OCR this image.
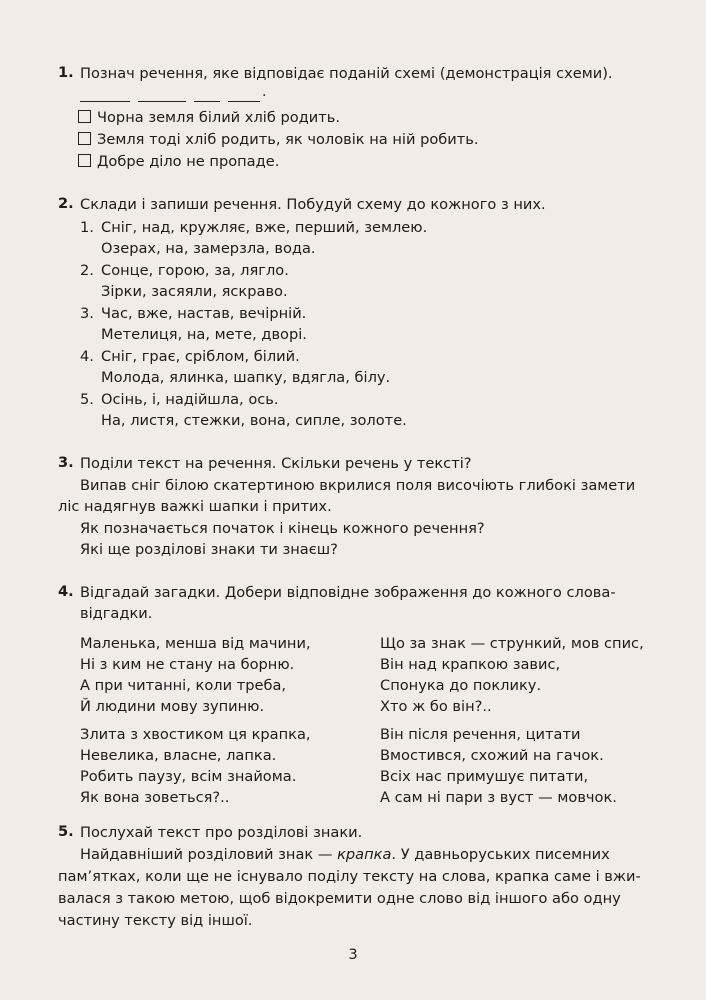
1. Познач речення, яке відповідає поданій схемі (демонстрація схеми).
.
Чорна земля білий хліб родить.
Земля тоді хліб родить, як чоловік на ній робить.
Добре діло не пропаде.
2. Склади і запиши речення. Побудуй схему до кожного з них.
1. Сніг, над, кружляє, вже, перший, землею.
Озерах, на, замерзла, вода.
2. Сонце, горою, за, лягло.
Зірки, засяяли, яскраво.
3. Час, вже, настав, вечірній.
Метелиця, на, мете, дворі.
4. Сніг, грає, сріблом, білий.
Молода, ялинка, шапку, вдягла, білу.
5. Осінь, і, надійшла, ось.
На, листя, стежки, вона, сипле, золоте.
3. Поділи текст на речення. Скільки речень у тексті?
Випав сніг білою скатертиною вкрилися поля височіють глибокі замети
ліс надягнув важкі шапки і притих.
Як позначається початок і кінець кожного речення?
Які ще розділові знаки ти знаєш?
4. Відгадай загадки. Добери відповідне зображення до кожного слова-
відгадки.
Маленька, менша від мачини,
Ні з ким не стану на борню.
А при читанні, коли треба,
Й людини мову зупиню.
Що за знак — стрункий, мов спис,
Він над крапкою завис,
Спонука до поклику.
Хто ж бо він?..
Злита з хвостиком ця крапка,
Невелика, власне, лапка.
Робить паузу, всім знайома.
Як вона зоветься?..
Він після речення, цитати
Вмостився, схожий на гачок.
Всіх нас примушує питати,
А сам ні пари з вуст — мовчок.
5. Послухай текст про розділові знаки.
Найдавніший розділовий знак — крапка. У давньоруських писемних
пам’ятках, коли ще не існувало поділу тексту на слова, крапка саме і вжи-
валася з такою метою, щоб відокремити одне слово від іншого або одну
частину тексту від іншої.
3
